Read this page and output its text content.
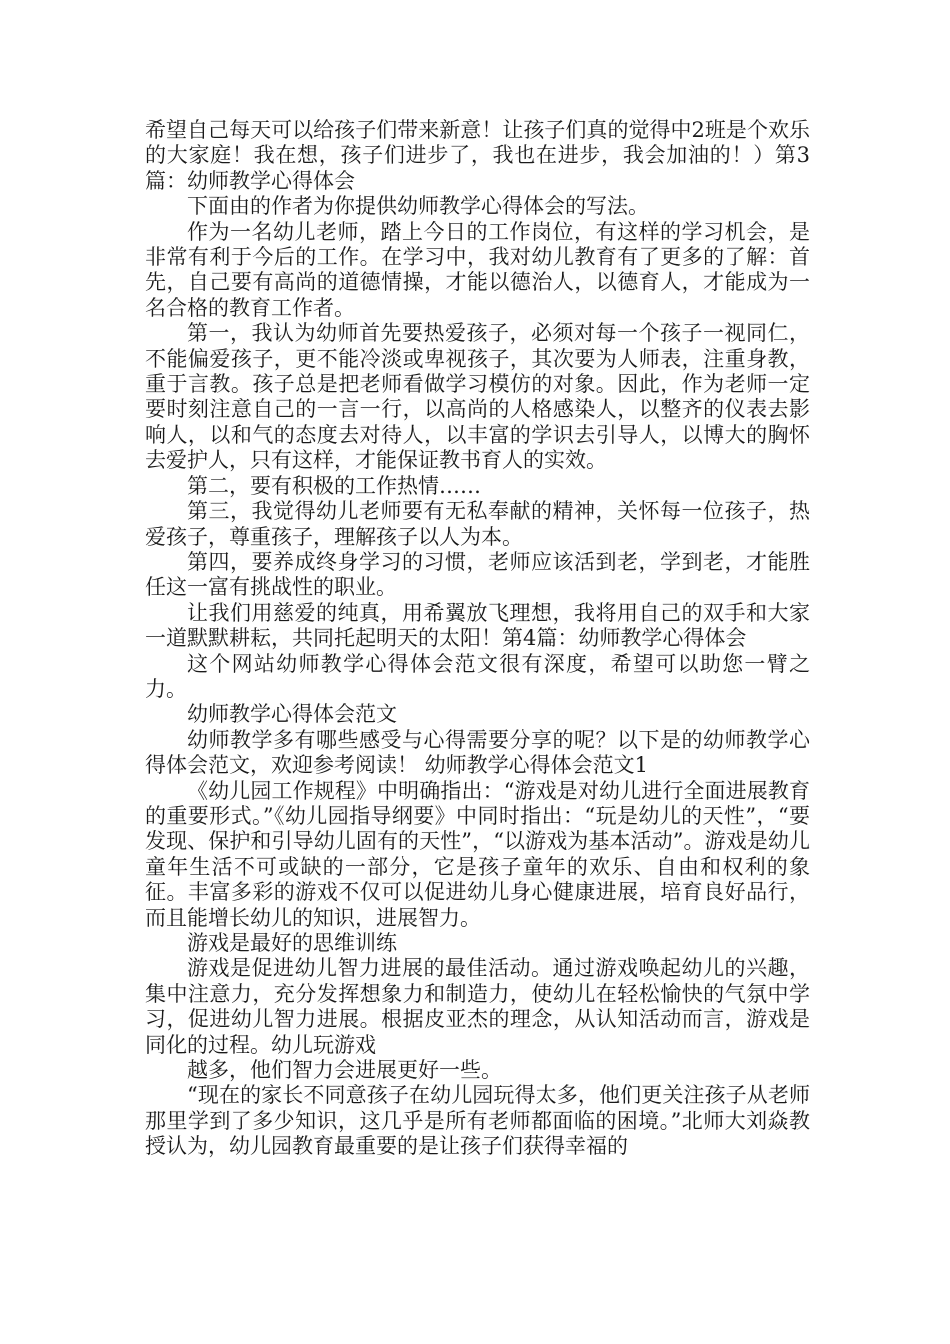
希望自己每天可以给孩子们带来新意！让孩子们真的觉得中2班是个欢乐的大家庭！我在想，孩子们进步了，我也在进步，我会加油的！）第3篇：幼师教学心得体会

下面由的作者为你提供幼师教学心得体会的写法。

作为一名幼儿老师，踏上今日的工作岗位，有这样的学习机会，是非常有利于今后的工作。在学习中，我对幼儿教育有了更多的了解：首先，自己要有高尚的道德情操，才能以德治人，以德育人，才能成为一名合格的教育工作者。

第一，我认为幼师首先要热爱孩子，必须对每一个孩子一视同仁，不能偏爱孩子，更不能冷淡或卑视孩子，其次要为人师表，注重身教，重于言教。孩子总是把老师看做学习模仿的对象。因此，作为老师一定要时刻注意自己的一言一行，以高尚的人格感染人，以整齐的仪表去影响人，以和气的态度去对待人，以丰富的学识去引导人，以博大的胸怀去爱护人，只有这样，才能保证教书育人的实效。

第二，要有积极的工作热情……

第三，我觉得幼儿老师要有无私奉献的精神，关怀每一位孩子，热爱孩子，尊重孩子，理解孩子以人为本。

第四，要养成终身学习的习惯，老师应该活到老，学到老，才能胜任这一富有挑战性的职业。

让我们用慈爱的纯真，用希翼放飞理想，我将用自己的双手和大家一道默默耕耘，共同托起明天的太阳！第4篇：幼师教学心得体会

这个网站幼师教学心得体会范文很有深度，希望可以助您一臂之力。

幼师教学心得体会范文

幼师教学多有哪些感受与心得需要分享的呢？以下是的幼师教学心得体会范文，欢迎参考阅读！ 幼师教学心得体会范文1

《幼儿园工作规程》中明确指出：“游戏是对幼儿进行全面进展教育的重要形式。”《幼儿园指导纲要》中同时指出：“玩是幼儿的天性”，“要发现、保护和引导幼儿固有的天性”，“以游戏为基本活动”。游戏是幼儿童年生活不可或缺的一部分，它是孩子童年的欢乐、自由和权利的象征。丰富多彩的游戏不仅可以促进幼儿身心健康进展，培育良好品行，而且能增长幼儿的知识，进展智力。

游戏是最好的思维训练

游戏是促进幼儿智力进展的最佳活动。通过游戏唤起幼儿的兴趣，集中注意力，充分发挥想象力和制造力，使幼儿在轻松愉快的气氛中学习，促进幼儿智力进展。根据皮亚杰的理念，从认知活动而言，游戏是同化的过程。幼儿玩游戏

越多，他们智力会进展更好一些。

“现在的家长不同意孩子在幼儿园玩得太多，他们更关注孩子从老师那里学到了多少知识，这几乎是所有老师都面临的困境。”北师大刘焱教授认为，幼儿园教育最重要的是让孩子们获得幸福的
